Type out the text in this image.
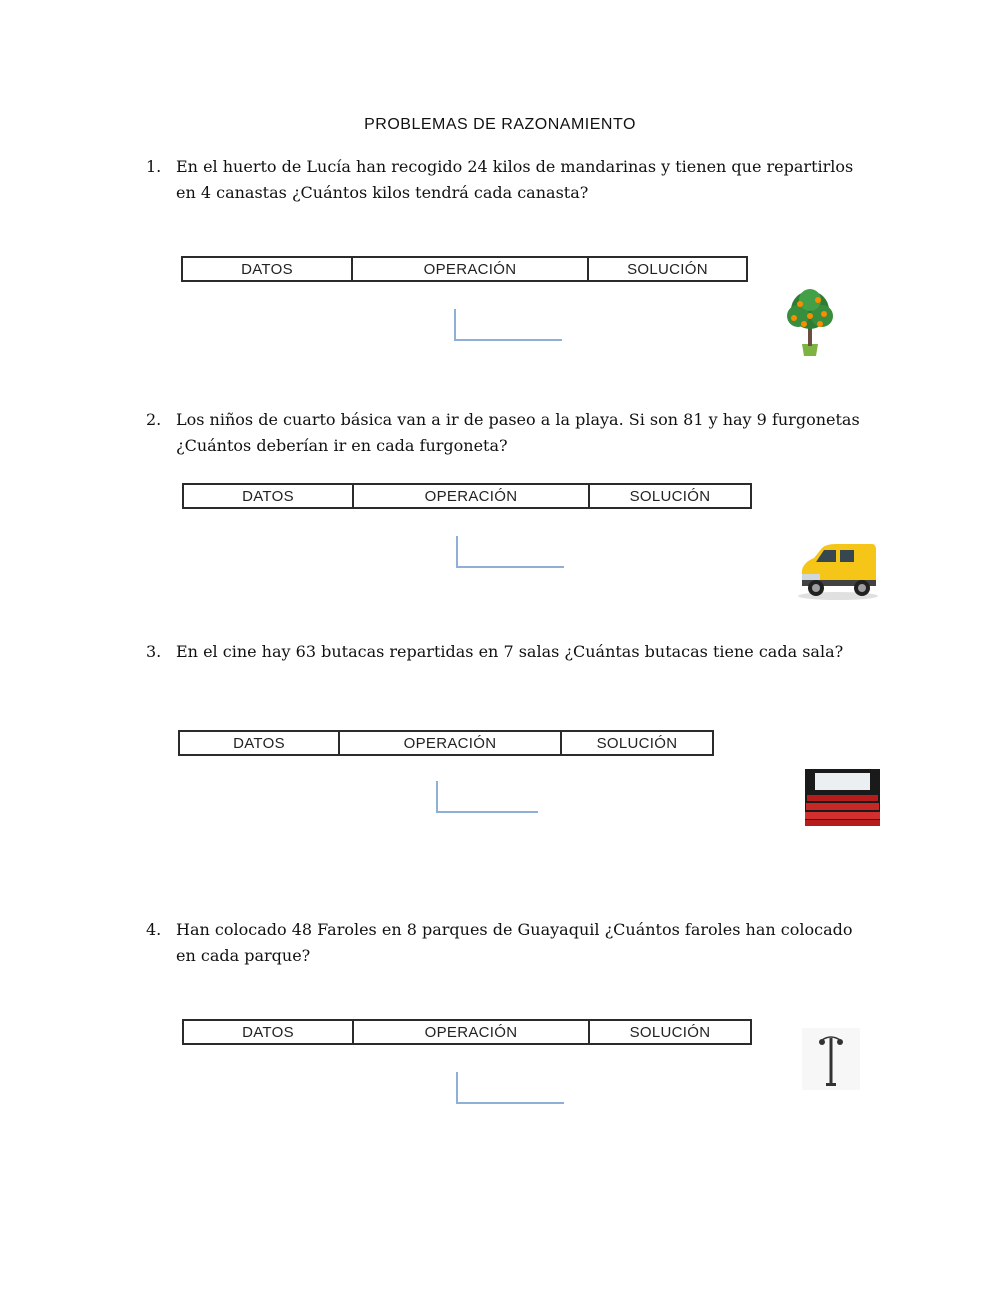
PROBLEMAS DE RAZONAMIENTO
1. En el huerto de Lucía han recogido 24 kilos de mandarinas y tienen que repartirlos en 4 canastas ¿Cuántos kilos tendrá cada canasta?
DATOS	OPERACIÓN	SOLUCIÓN
2. Los niños de cuarto básica van a ir de paseo a la playa. Si son 81 y hay 9 furgonetas ¿Cuántos deberían ir en cada furgoneta?
DATOS	OPERACIÓN	SOLUCIÓN
3. En el cine hay 63 butacas repartidas en 7 salas ¿Cuántas butacas tiene cada sala?
DATOS	OPERACIÓN	SOLUCIÓN
4. Han colocado 48 Faroles en 8 parques de Guayaquil ¿Cuántos faroles han colocado en cada parque?
DATOS	OPERACIÓN	SOLUCIÓN
